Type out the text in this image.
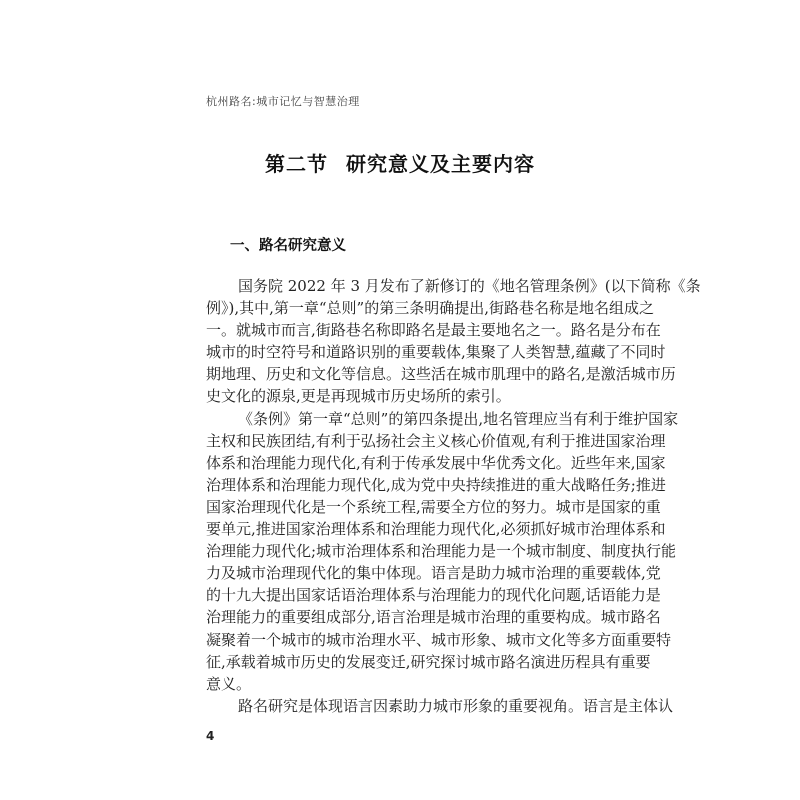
杭州路名:城市记忆与智慧治理
第二节 研究意义及主要内容
一、路名研究意义
国务院 2022 年 3 月发布了新修订的《地名管理条例》(以下简称《条
例》),其中,第一章“总则”的第三条明确提出,街路巷名称是地名组成之
一。就城市而言,街路巷名称即路名是最主要地名之一。路名是分布在
城市的时空符号和道路识别的重要载体,集聚了人类智慧,蕴藏了不同时
期地理、历史和文化等信息。这些活在城市肌理中的路名,是激活城市历
史文化的源泉,更是再现城市历史场所的索引。
《条例》第一章“总则”的第四条提出,地名管理应当有利于维护国家
主权和民族团结,有利于弘扬社会主义核心价值观,有利于推进国家治理
体系和治理能力现代化,有利于传承发展中华优秀文化。近些年来,国家
治理体系和治理能力现代化,成为党中央持续推进的重大战略任务;推进
国家治理现代化是一个系统工程,需要全方位的努力。城市是国家的重
要单元,推进国家治理体系和治理能力现代化,必须抓好城市治理体系和
治理能力现代化;城市治理体系和治理能力是一个城市制度、制度执行能
力及城市治理现代化的集中体现。语言是助力城市治理的重要载体,党
的十九大提出国家话语治理体系与治理能力的现代化问题,话语能力是
治理能力的重要组成部分,语言治理是城市治理的重要构成。城市路名
凝聚着一个城市的城市治理水平、城市形象、城市文化等多方面重要特
征,承载着城市历史的发展变迁,研究探讨城市路名演进历程具有重要
意义。
路名研究是体现语言因素助力城市形象的重要视角。语言是主体认
4
